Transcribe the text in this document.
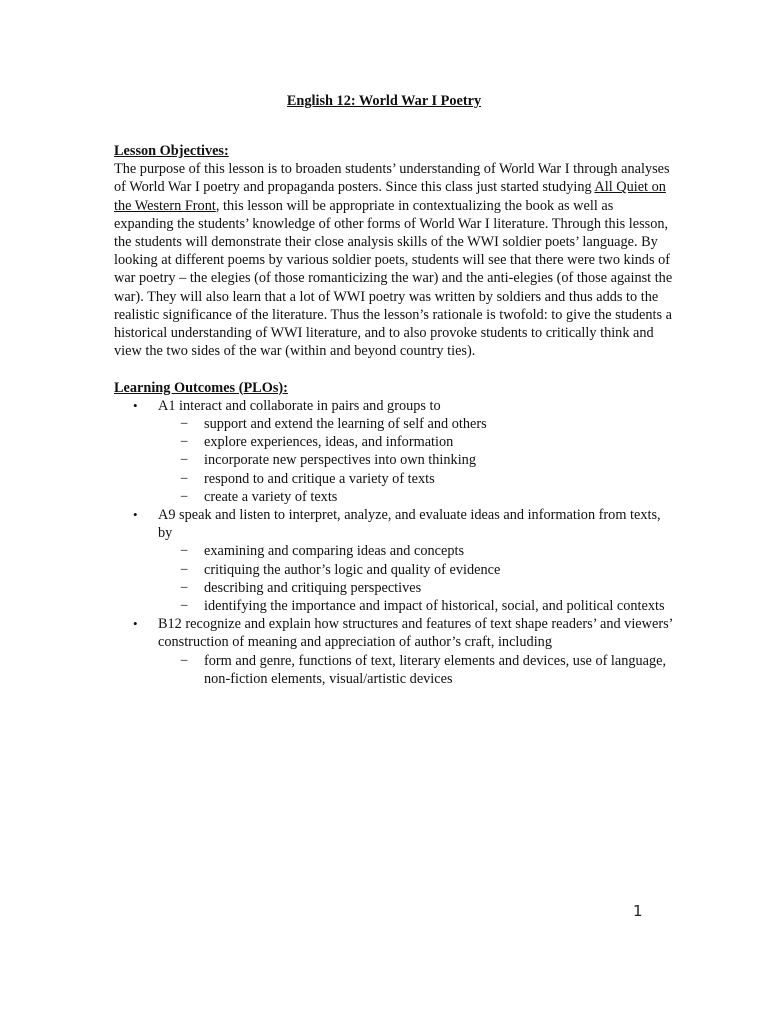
English 12: World War I Poetry

Lesson Objectives:

The purpose of this lesson is to broaden students’ understanding of World War I through analyses of World War I poetry and propaganda posters. Since this class just started studying All Quiet on the Western Front, this lesson will be appropriate in contextualizing the book as well as expanding the students’ knowledge of other forms of World War I literature. Through this lesson, the students will demonstrate their close analysis skills of the WWI soldier poets’ language. By looking at different poems by various soldier poets, students will see that there were two kinds of war poetry – the elegies (of those romanticizing the war) and the anti-elegies (of those against the war). They will also learn that a lot of WWI poetry was written by soldiers and thus adds to the realistic significance of the literature. Thus the lesson’s rationale is twofold: to give the students a historical understanding of WWI literature, and to also provoke students to critically think and view the two sides of the war (within and beyond country ties).

Learning Outcomes (PLOs):

• A1 interact and collaborate in pairs and groups to
− support and extend the learning of self and others
− explore experiences, ideas, and information
− incorporate new perspectives into own thinking
− respond to and critique a variety of texts
− create a variety of texts
• A9 speak and listen to interpret, analyze, and evaluate ideas and information from texts, by
− examining and comparing ideas and concepts
− critiquing the author’s logic and quality of evidence
− describing and critiquing perspectives
− identifying the importance and impact of historical, social, and political contexts
• B12 recognize and explain how structures and features of text shape readers’ and viewers’ construction of meaning and appreciation of author’s craft, including
− form and genre, functions of text, literary elements and devices, use of language, non-fiction elements, visual/artistic devices
1
